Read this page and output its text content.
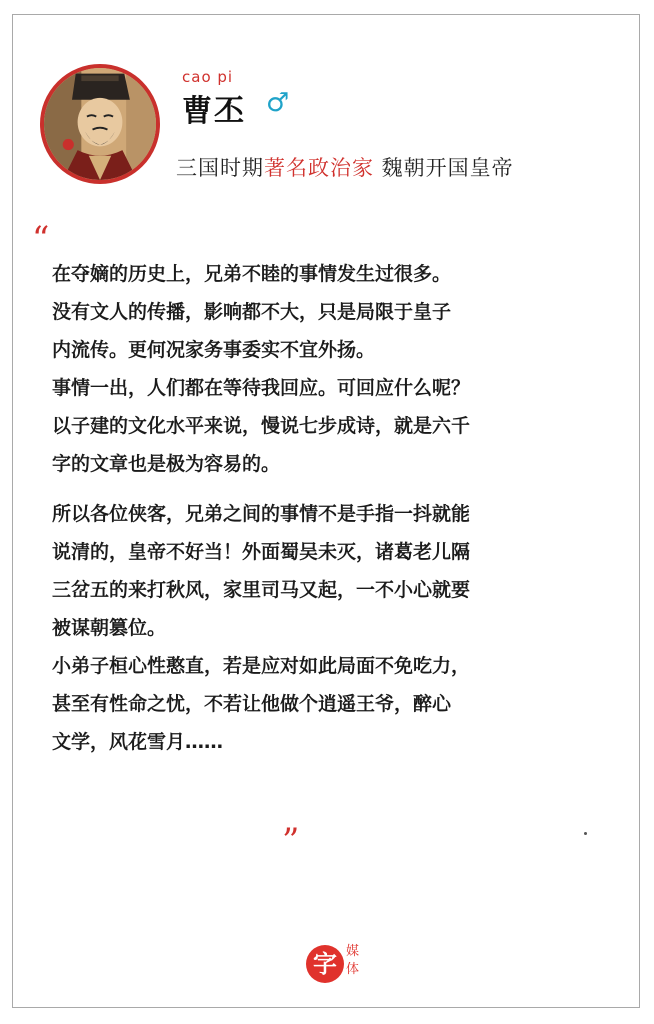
cao pi
曹丕 ♂
三国时期著名政治家 魏朝开国皇帝
“
在夺嫡的历史上，兄弟不睦的事情发生过很多。
没有文人的传播，影响都不大，只是局限于皇子
内流传。更何况家务事委实不宜外扬。
事情一出，人们都在等待我回应。可回应什么呢？
以子建的文化水平来说，慢说七步成诗，就是六千
字的文章也是极为容易的。
所以各位侠客，兄弟之间的事情不是手指一抖就能
说清的，皇帝不好当！外面蜀吴未灭，诸葛老儿隔
三岔五的来打秋风，家里司马又起，一不小心就要
被谋朝篡位。
小弟子桓心性憨直，若是应对如此局面不免吃力，
甚至有性命之忧，不若让他做个逍遥王爷，醉心
文学，风花雪月……
”
字 媒
体
